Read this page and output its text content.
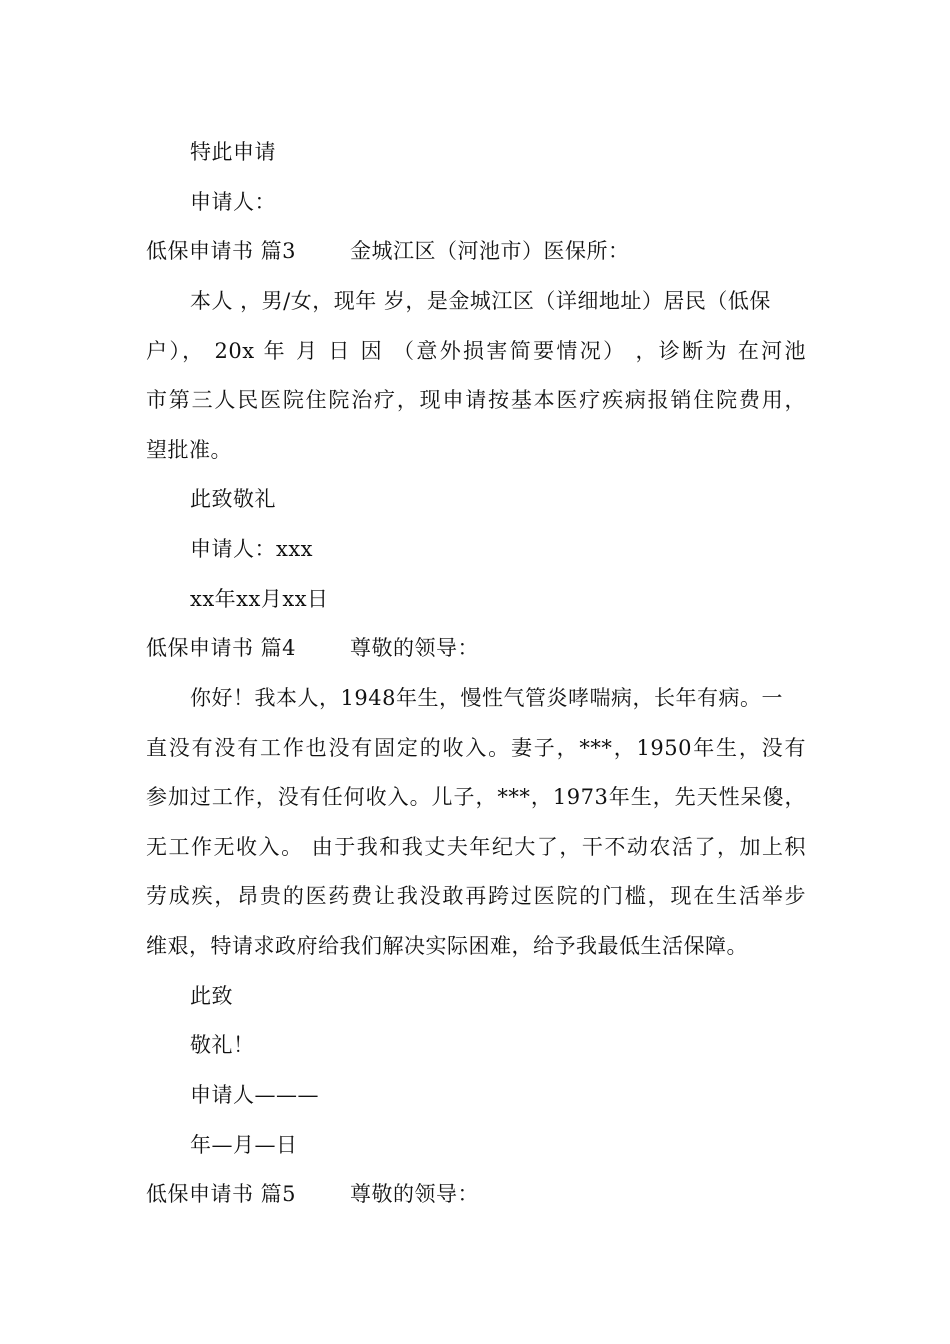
特此申请
申请人：
低保申请书 篇3	金城江区（河池市）医保所：
本人 ，男/女，现年 岁，是金城江区（详细地址）居民（低保
户）， 20x 年 月 日 因 （意外损害简要情况） ，诊断为 在河池
市第三人民医院住院治疗，现申请按基本医疗疾病报销住院费用，
望批准。
此致敬礼
申请人：xxx
xx年xx月xx日
低保申请书 篇4	尊敬的领导：
你好！我本人，1948年生，慢性气管炎哮喘病，长年有病。一
直没有没有工作也没有固定的收入。妻子，***，1950年生，没有
参加过工作，没有任何收入。儿子，***，1973年生，先天性呆傻，
无工作无收入。 由于我和我丈夫年纪大了，干不动农活了，加上积
劳成疾，昂贵的医药费让我没敢再跨过医院的门槛，现在生活举步
维艰，特请求政府给我们解决实际困难，给予我最低生活保障。
此致
敬礼！
申请人———
年—月—日
低保申请书 篇5	尊敬的领导：
